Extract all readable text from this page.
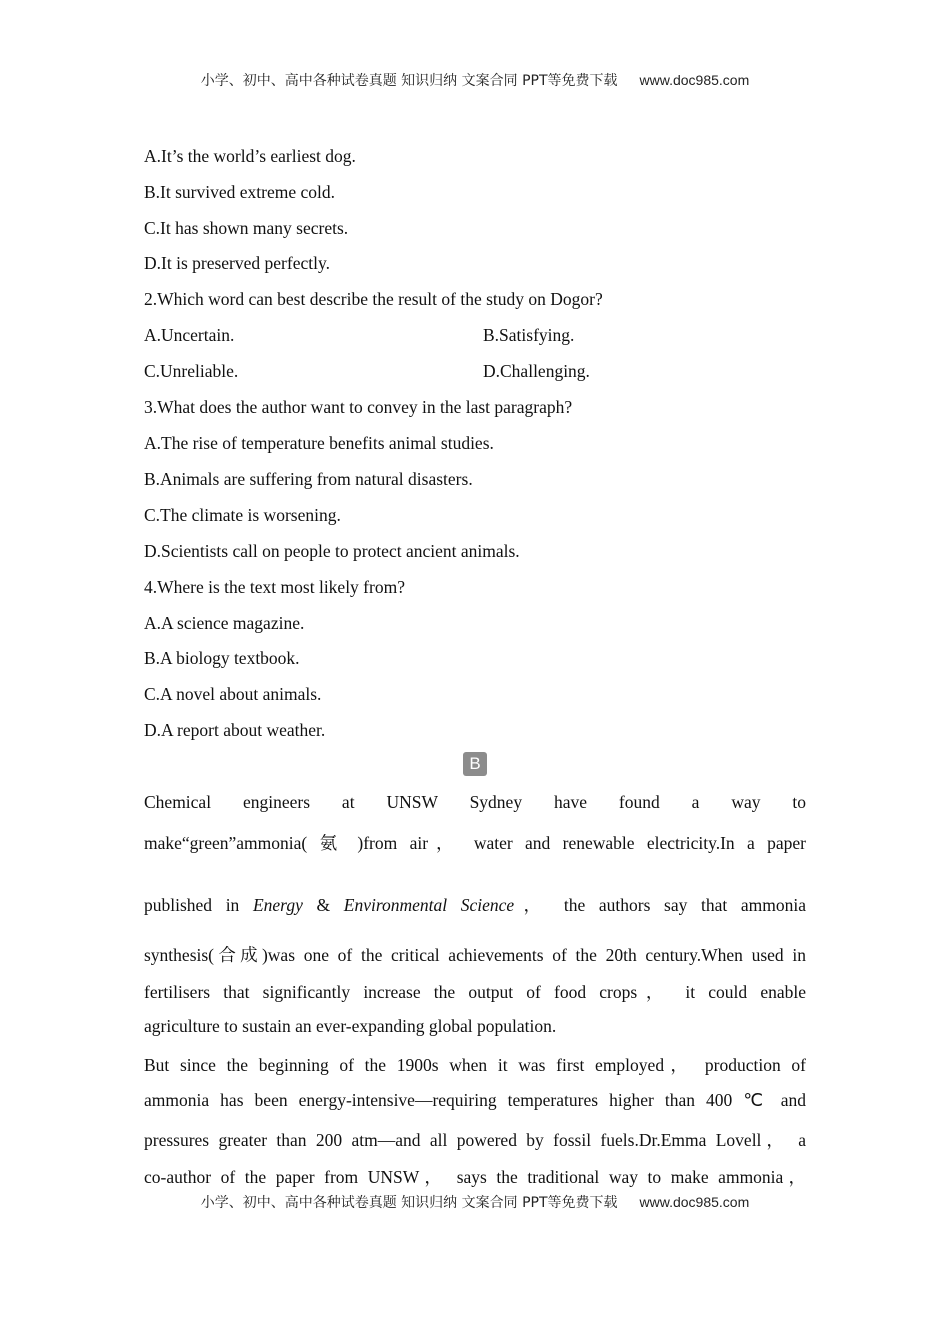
小学、初中、高中各种试卷真题 知识归纳 文案合同 PPT等免费下载 www.doc985.com
A.It’s the world’s earliest dog.
B.It survived extreme cold.
C.It has shown many secrets.
D.It is preserved perfectly.
2.Which word can best describe the result of the study on Dogor?
A.Uncertain.	B.Satisfying.
C.Unreliable.	D.Challenging.
3.What does the author want to convey in the last paragraph?
A.The rise of temperature benefits animal studies.
B.Animals are suffering from natural disasters.
C.The climate is worsening.
D.Scientists call on people to protect ancient animals.
4.Where is the text most likely from?
A.A science magazine.
B.A biology textbook.
C.A novel about animals.
D.A report about weather.
B
Chemical engineers at UNSW Sydney have found a way to
make“green”ammonia( 氨 )from air， water and renewable electricity.In a paper
published in Energy & Environmental Science， the authors say that ammonia
synthesis(合成)was one of the critical achievements of the 20th century.When used in
fertilisers that significantly increase the output of food crops， it could enable
agriculture to sustain an ever-expanding global population.
But since the beginning of the 1900s when it was first employed， production of
ammonia has been energy-intensive—requiring temperatures higher than 400 ℃ and
pressures greater than 200 atm—and all powered by fossil fuels.Dr.Emma Lovell， a
co-author of the paper from UNSW， says the traditional way to make ammonia，
小学、初中、高中各种试卷真题 知识归纳 文案合同 PPT等免费下载 www.doc985.com
